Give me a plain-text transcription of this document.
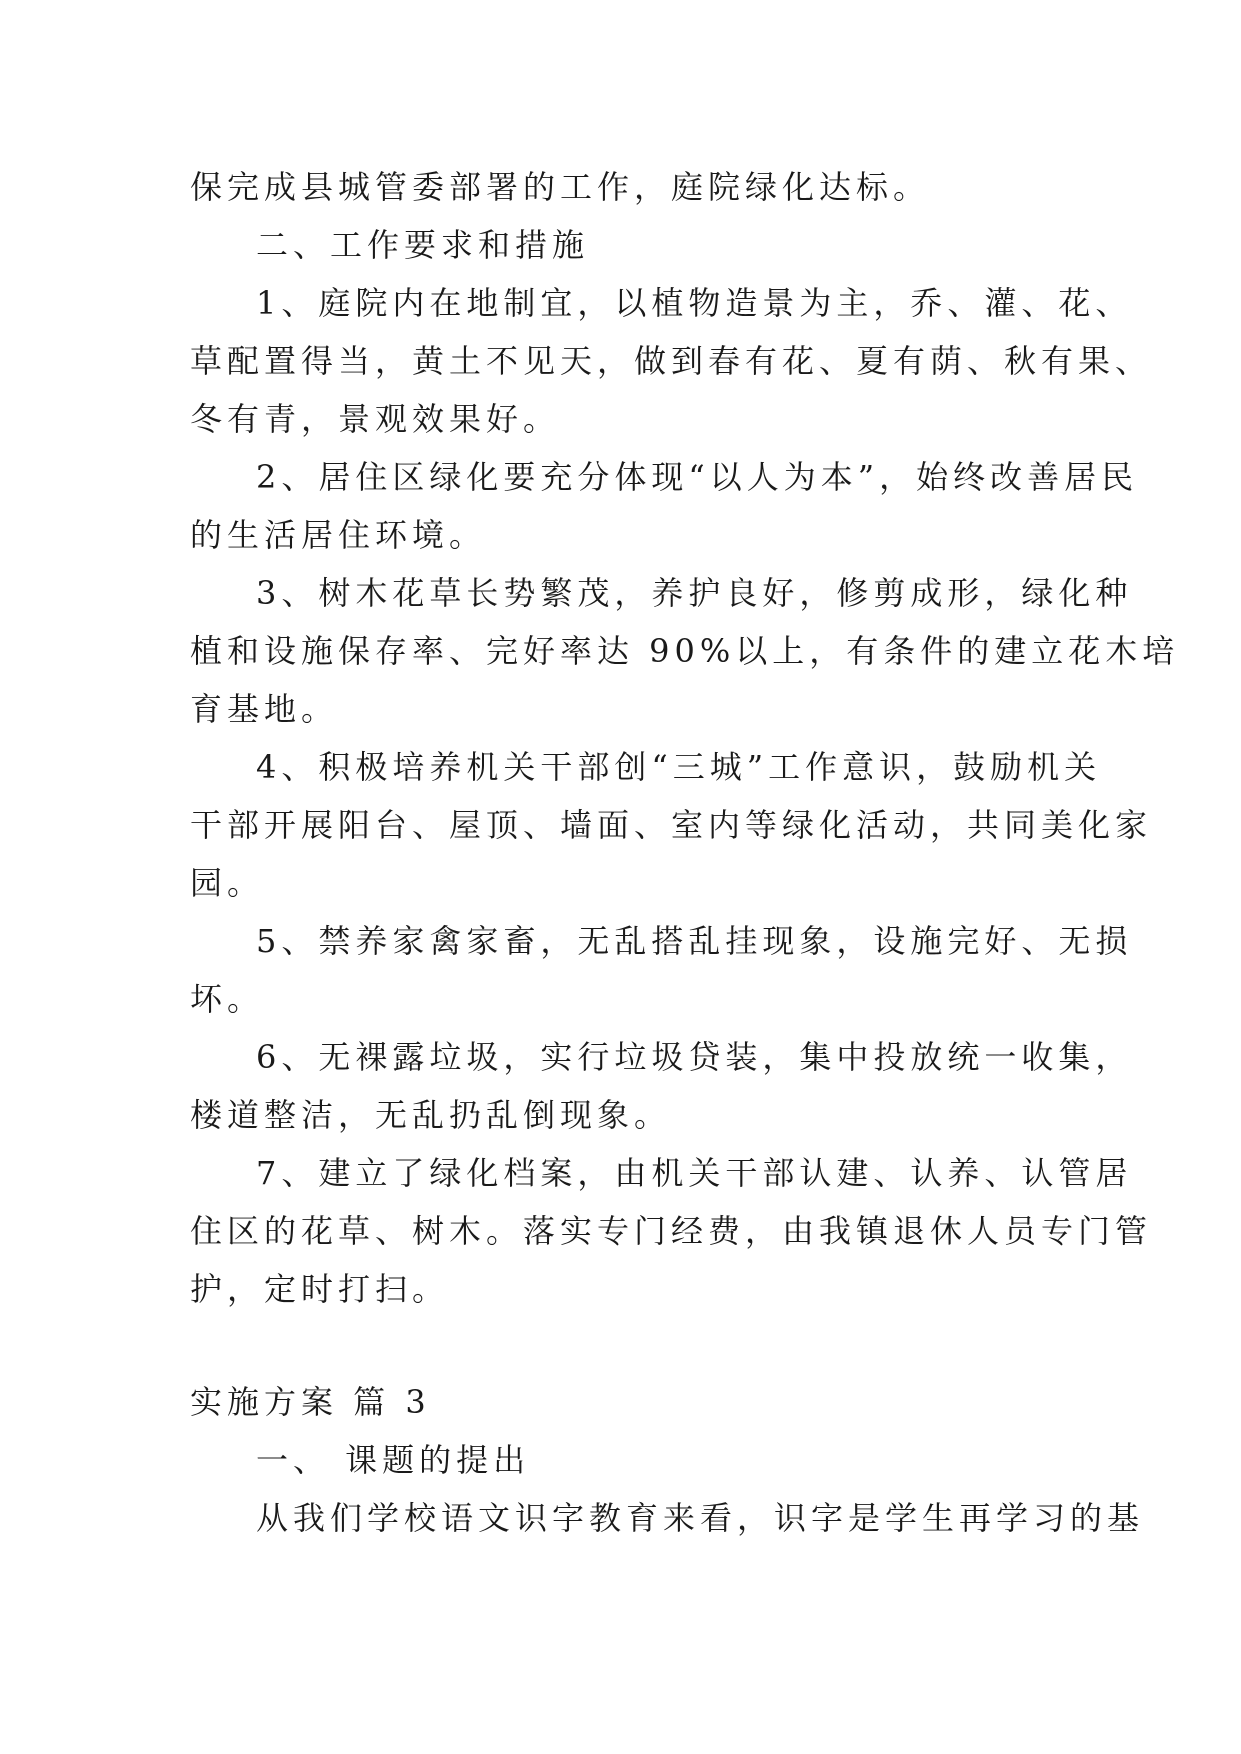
保完成县城管委部署的工作，庭院绿化达标。
二、工作要求和措施
1、庭院内在地制宜，以植物造景为主，乔、灌、花、
草配置得当，黄土不见天，做到春有花、夏有荫、秋有果、
冬有青，景观效果好。
2、居住区绿化要充分体现“以人为本”，始终改善居民
的生活居住环境。
3、树木花草长势繁茂，养护良好，修剪成形，绿化种
植和设施保存率、完好率达 90%以上，有条件的建立花木培
育基地。
4、积极培养机关干部创“三城”工作意识，鼓励机关
干部开展阳台、屋顶、墙面、室内等绿化活动，共同美化家
园。
5、禁养家禽家畜，无乱搭乱挂现象，设施完好、无损
坏。
6、无裸露垃圾，实行垃圾贷装，集中投放统一收集，
楼道整洁，无乱扔乱倒现象。
7、建立了绿化档案，由机关干部认建、认养、认管居
住区的花草、树木。落实专门经费，由我镇退休人员专门管
护，定时打扫。
实施方案 篇 3
一、 课题的提出
从我们学校语文识字教育来看，识字是学生再学习的基
